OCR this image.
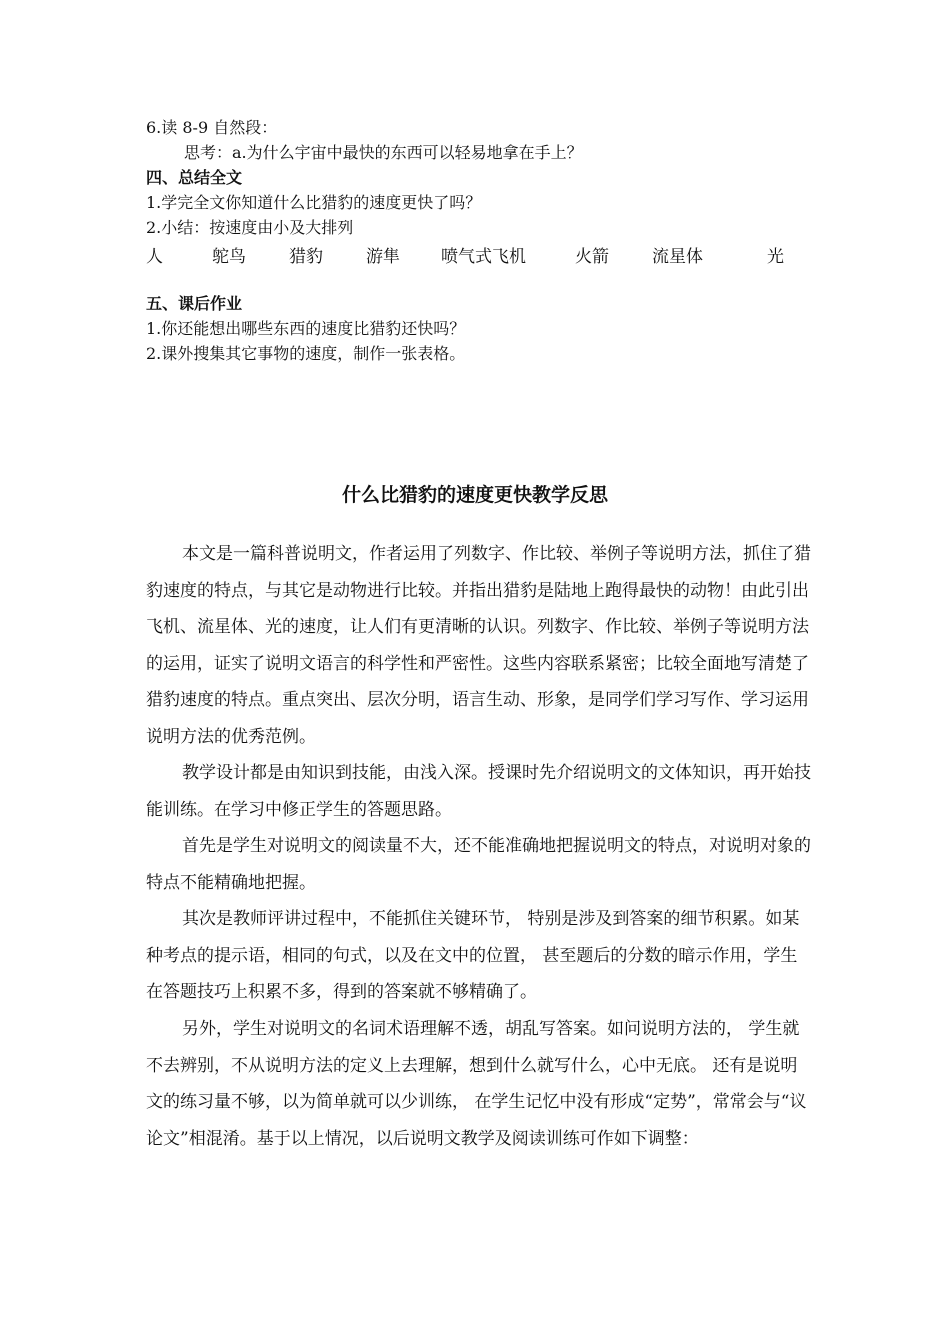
6.读 8-9 自然段：
思考：a.为什么宇宙中最快的东西可以轻易地拿在手上？
四、总结全文
1.学完全文你知道什么比猎豹的速度更快了吗？
2.小结：按速度由小及大排列
人	鸵鸟	猎豹	游隼 喷气式飞机	火箭	流星体	光
五、课后作业
1.你还能想出哪些东西的速度比猎豹还快吗？
2.课外搜集其它事物的速度，制作一张表格。
什么比猎豹的速度更快教学反思
本文是一篇科普说明文，作者运用了列数字、作比较、举例子等说明方法，抓住了猎豹速度的特点，与其它是动物进行比较。并指出猎豹是陆地上跑得最快的动物！由此引出飞机、流星体、光的速度，让人们有更清晰的认识。列数字、作比较、举例子等说明方法的运用，证实了说明文语言的科学性和严密性。这些内容联系紧密；比较全面地写清楚了猎豹速度的特点。重点突出、层次分明，语言生动、形象，是同学们学习写作、学习运用说明方法的优秀范例。
教学设计都是由知识到技能，由浅入深。授课时先介绍说明文的文体知识，再开始技能训练。在学习中修正学生的答题思路。
首先是学生对说明文的阅读量不大，还不能准确地把握说明文的特点，对说明对象的特点不能精确地把握。
其次是教师评讲过程中，不能抓住关键环节， 特别是涉及到答案的细节积累。如某种考点的提示语，相同的句式，以及在文中的位置， 甚至题后的分数的暗示作用，学生在答题技巧上积累不多，得到的答案就不够精确了。
另外，学生对说明文的名词术语理解不透，胡乱写答案。如问说明方法的， 学生就不去辨别，不从说明方法的定义上去理解，想到什么就写什么，心中无底。 还有是说明文的练习量不够，以为简单就可以少训练， 在学生记忆中没有形成“定势”，常常会与“议论文”相混淆。基于以上情况，以后说明文教学及阅读训练可作如下调整：
